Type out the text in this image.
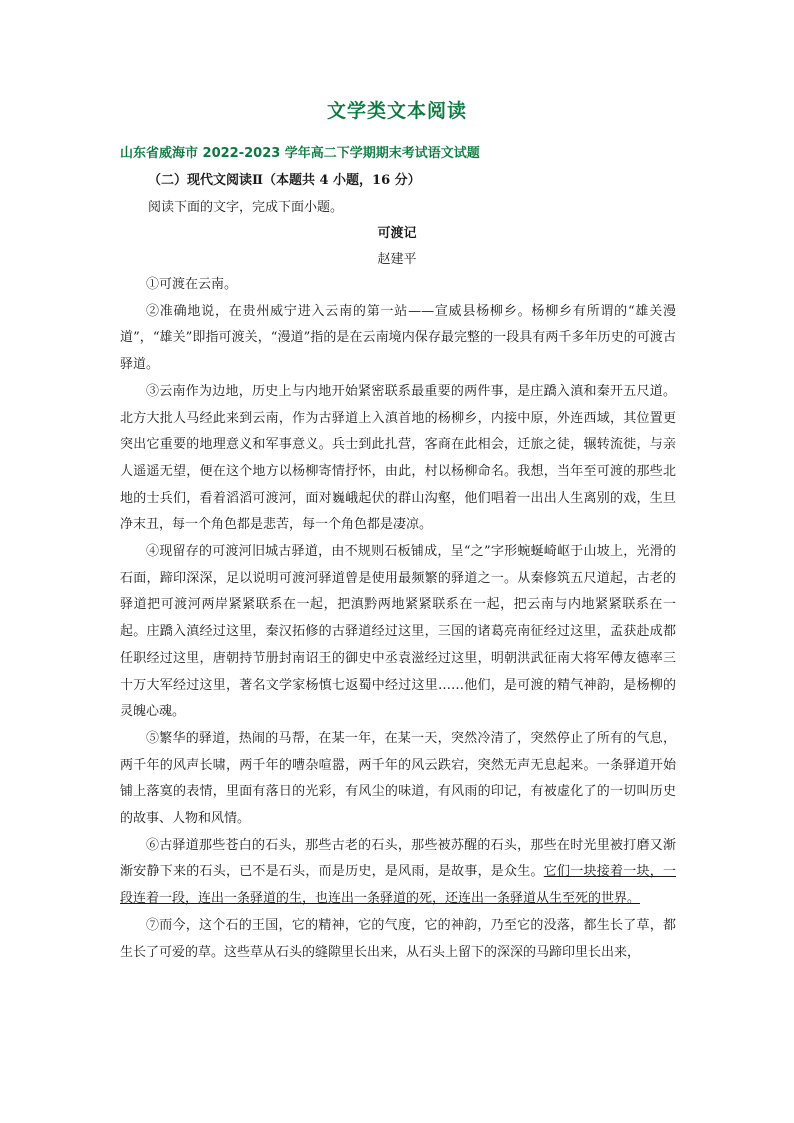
文学类文本阅读
山东省威海市 2022-2023 学年高二下学期期末考试语文试题
（二）现代文阅读Ⅱ（本题共 4 小题，16 分）
阅读下面的文字，完成下面小题。
可渡记
赵建平

①可渡在云南。

②准确地说，在贵州威宁进入云南的第一站——宣威县杨柳乡。杨柳乡有所谓的“雄关漫道”，“雄关”即指可渡关，“漫道”指的是在云南境内保存最完整的一段具有两千多年历史的可渡古驿道。

③云南作为边地，历史上与内地开始紧密联系最重要的两件事，是庄蹻入滇和秦开五尺道。北方大批人马经此来到云南，作为古驿道上入滇首地的杨柳乡，内接中原，外连西域，其位置更突出它重要的地理意义和军事意义。兵士到此扎营，客商在此相会，迁旅之徒，辗转流徙，与亲人遥遥无望，便在这个地方以杨柳寄情抒怀，由此，村以杨柳命名。我想，当年至可渡的那些北地的士兵们，看着滔滔可渡河，面对巍峨起伏的群山沟壑，他们唱着一出出人生离别的戏，生旦净末丑，每一个角色都是悲苦，每一个角色都是凄凉。

④现留存的可渡河旧城古驿道，由不规则石板铺成，呈“之”字形蜿蜒崎岖于山坡上，光滑的石面，蹄印深深，足以说明可渡河驿道曾是使用最频繁的驿道之一。从秦修筑五尺道起，古老的驿道把可渡河两岸紧紧联系在一起，把滇黔两地紧紧联系在一起，把云南与内地紧紧联系在一起。庄蹻入滇经过这里，秦汉拓修的古驿道经过这里，三国的诸葛亮南征经过这里，孟获赴成都任职经过这里，唐朝持节册封南诏王的御史中丞袁滋经过这里，明朝洪武征南大将军傅友德率三十万大军经过这里，著名文学家杨慎七返蜀中经过这里……他们，是可渡的精气神韵，是杨柳的灵魄心魂。

⑤繁华的驿道，热闹的马帮，在某一年，在某一天，突然冷清了，突然停止了所有的气息，两千年的风声长啸，两千年的嘈杂喧嚣，两千年的风云跌宕，突然无声无息起来。一条驿道开始铺上落寞的表情，里面有落日的光彩，有风尘的味道，有风雨的印记，有被虚化了的一切叫历史的故事、人物和风情。

⑥古驿道那些苍白的石头，那些古老的石头，那些被苏醒的石头，那些在时光里被打磨又渐渐安静下来的石头，已不是石头，而是历史，是风雨，是故事，是众生。它们一块接着一块，一段连着一段，连出一条驿道的生，也连出一条驿道的死，还连出一条驿道从生至死的世界。

⑦而今，这个石的王国，它的精神，它的气度，它的神韵，乃至它的没落，都生长了草，都生长了可爱的草。这些草从石头的缝隙里长出来，从石头上留下的深深的马蹄印里长出来，
